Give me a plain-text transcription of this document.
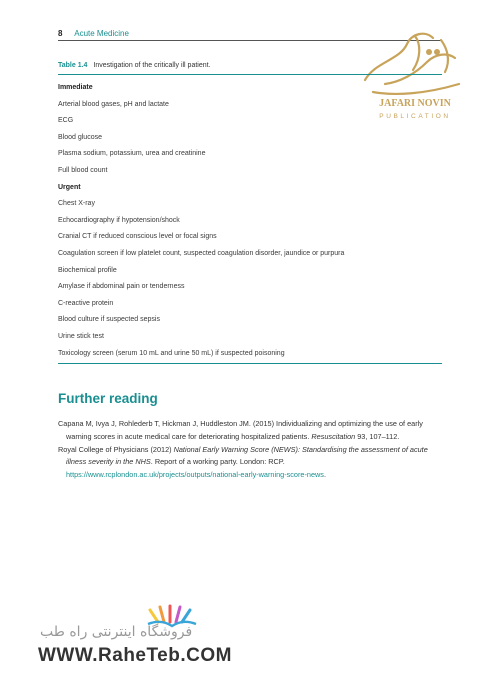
8 Acute Medicine
JAFARI NOVIN
PUBLICATION
Table 1.4 Investigation of the critically ill patient.
Immediate
Arterial blood gases, pH and lactate
ECG
Blood glucose
Plasma sodium, potassium, urea and creatinine
Full blood count
Urgent
Chest X-ray
Echocardiography if hypotension/shock
Cranial CT if reduced conscious level or focal signs
Coagulation screen if low platelet count, suspected coagulation disorder, jaundice or purpura
Biochemical profile
Amylase if abdominal pain or tenderness
C-reactive protein
Blood culture if suspected sepsis
Urine stick test
Toxicology screen (serum 10 mL and urine 50 mL) if suspected poisoning
Further reading
Capana M, Ivya J, Rohlederb T, Hickman J, Huddleston JM. (2015) Individualizing and optimizing the use of early warning scores in acute medical care for deteriorating hospitalized patients. Resuscitation 93, 107–112.
Royal College of Physicians (2012) National Early Warning Score (NEWS): Standardising the assessment of acute illness severity in the NHS. Report of a working party. London: RCP. https://www.rcplondon.ac.uk/projects/outputs/national-early-warning-score-news.
فروشگاه اینترنتی راه طب
WWW.RaheTeb.COM
